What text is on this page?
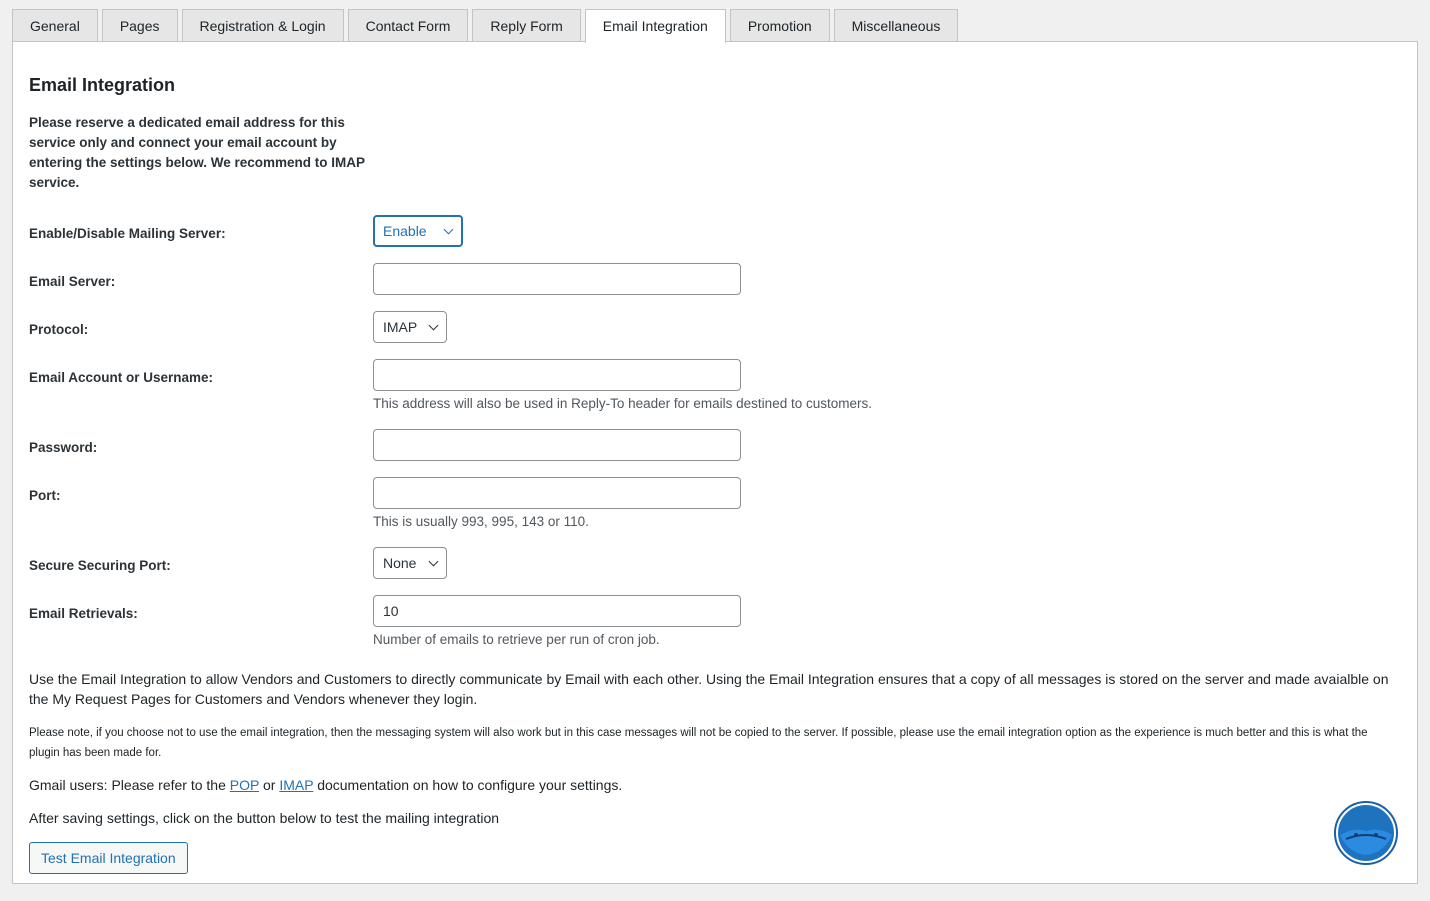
General	Pages	Registration & Login	Contact Form	Reply Form	Email Integration	Promotion	Miscellaneous
Email Integration
Please reserve a dedicated email address for this service only and connect your email account by entering the settings below. We recommend to IMAP service.
Enable/Disable Mailing Server:	Enable
Email Server:
Protocol:	IMAP
Email Account or Username:
This address will also be used in Reply-To header for emails destined to customers.
Password:
Port:
This is usually 993, 995, 143 or 110.
Secure Securing Port:	None
Email Retrievals:
10
Number of emails to retrieve per run of cron job.
Use the Email Integration to allow Vendors and Customers to directly communicate by Email with each other. Using the Email Integration ensures that a copy of all messages is stored on the server and made avaialble on the My Request Pages for Customers and Vendors whenever they login.
Please note, if you choose not to use the email integration, then the messaging system will also work but in this case messages will not be copied to the server. If possible, please use the email integration option as the experience is much better and this is what the plugin has been made for.
Gmail users: Please refer to the POP or IMAP documentation on how to configure your settings.
After saving settings, click on the button below to test the mailing integration
Test Email Integration
